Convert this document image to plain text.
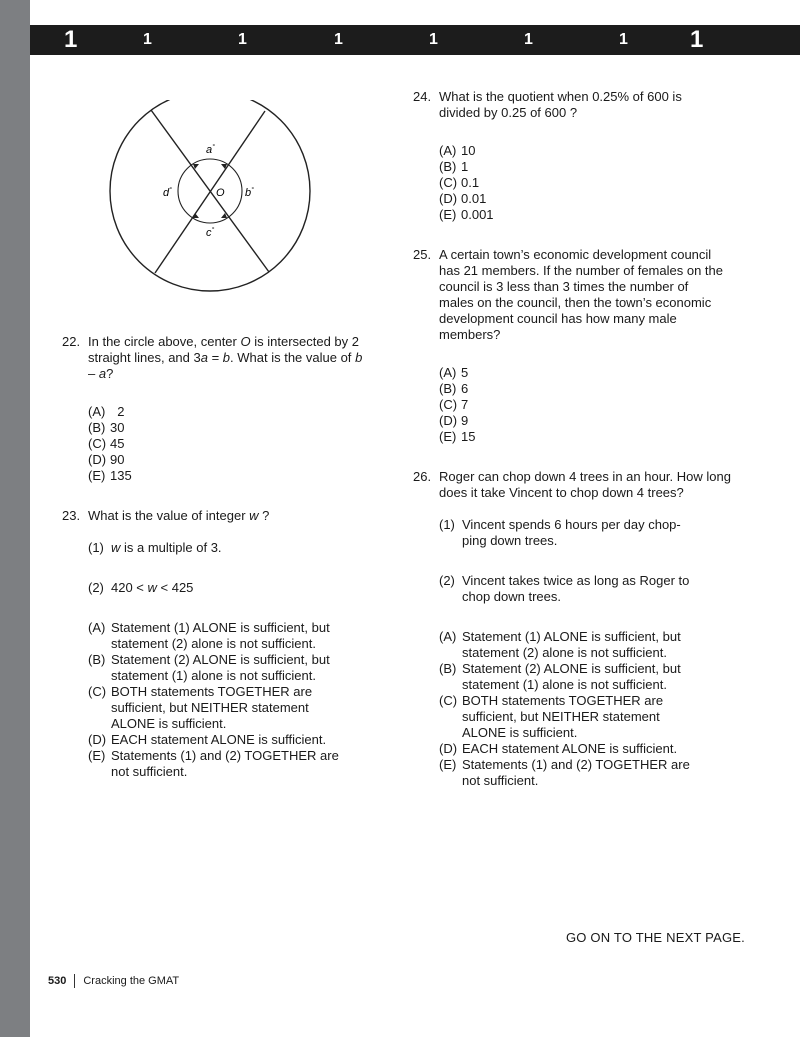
1	1	1	1	1	1	1	1
a°
b°
c°
d°	O
22. In the circle above, center O is intersected by 2 straight lines, and 3a = b. What is the value of b – a?
(A) 2
(B) 30
(C) 45
(D) 90
(E) 135
23. What is the value of integer w ?
(1) w is a multiple of 3.
(2) 420 < w < 425
(A) Statement (1) ALONE is sufficient, but statement (2) alone is not sufficient.
(B) Statement (2) ALONE is sufficient, but statement (1) alone is not sufficient.
(C) BOTH statements TOGETHER are sufficient, but NEITHER statement ALONE is sufficient.
(D) EACH statement ALONE is sufficient.
(E) Statements (1) and (2) TOGETHER are not sufficient.
24. What is the quotient when 0.25% of 600 is divided by 0.25 of 600 ?
(A) 10
(B) 1
(C) 0.1
(D) 0.01
(E) 0.001
25. A certain town’s economic development council has 21 members. If the number of females on the council is 3 less than 3 times the number of males on the council, then the town’s economic development council has how many male members?
(A) 5
(B) 6
(C) 7
(D) 9
(E) 15
26. Roger can chop down 4 trees in an hour. How long does it take Vincent to chop down 4 trees?
(1) Vincent spends 6 hours per day chop-ping down trees.
(2) Vincent takes twice as long as Roger to chop down trees.
(A) Statement (1) ALONE is sufficient, but statement (2) alone is not sufficient.
(B) Statement (2) ALONE is sufficient, but statement (1) alone is not sufficient.
(C) BOTH statements TOGETHER are sufficient, but NEITHER statement ALONE is sufficient.
(D) EACH statement ALONE is sufficient.
(E) Statements (1) and (2) TOGETHER are not sufficient.
GO ON TO THE NEXT PAGE.
530 Cracking the GMAT
